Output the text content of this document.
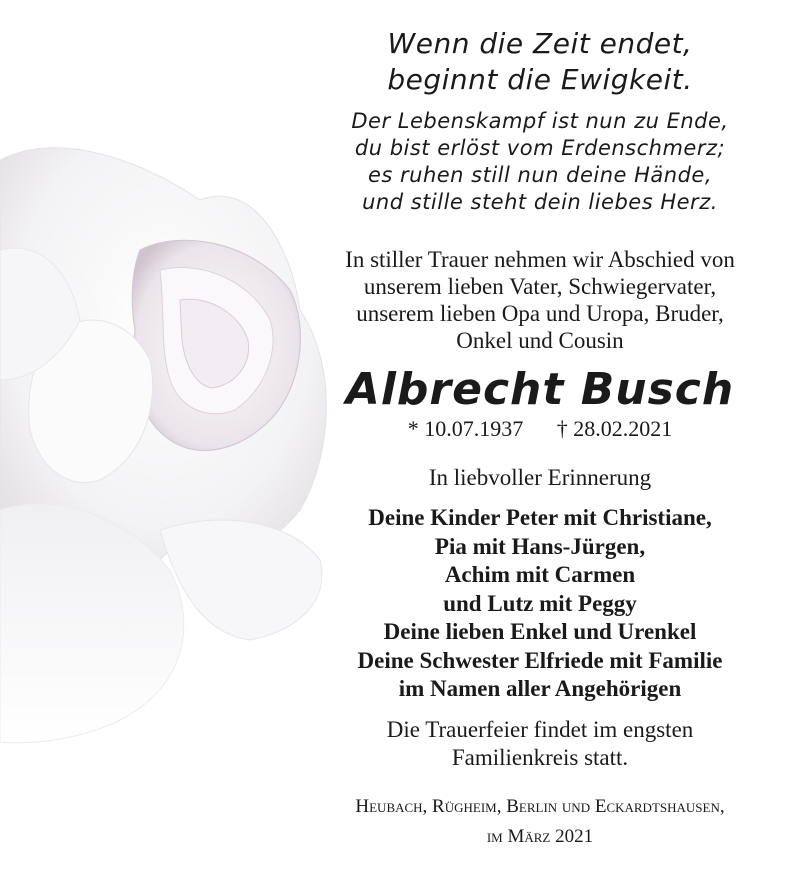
Wenn die Zeit endet,
beginnt die Ewigkeit.
Der Lebenskampf ist nun zu Ende,
du bist erlöst vom Erdenschmerz;
es ruhen still nun deine Hände,
und stille steht dein liebes Herz.
In stiller Trauer nehmen wir Abschied von
unserem lieben Vater, Schwiegervater,
unserem lieben Opa und Uropa, Bruder,
Onkel und Cousin
Albrecht Busch
* 10.07.1937 † 28.02.2021
In liebvoller Erinnerung
Deine Kinder Peter mit Christiane,
Pia mit Hans-Jürgen,
Achim mit Carmen
und Lutz mit Peggy
Deine lieben Enkel und Urenkel
Deine Schwester Elfriede mit Familie
im Namen aller Angehörigen
Die Trauerfeier findet im engsten
Familienkreis statt.
Heubach, Rügheim, Berlin und Eckardtshausen,
im März 2021
